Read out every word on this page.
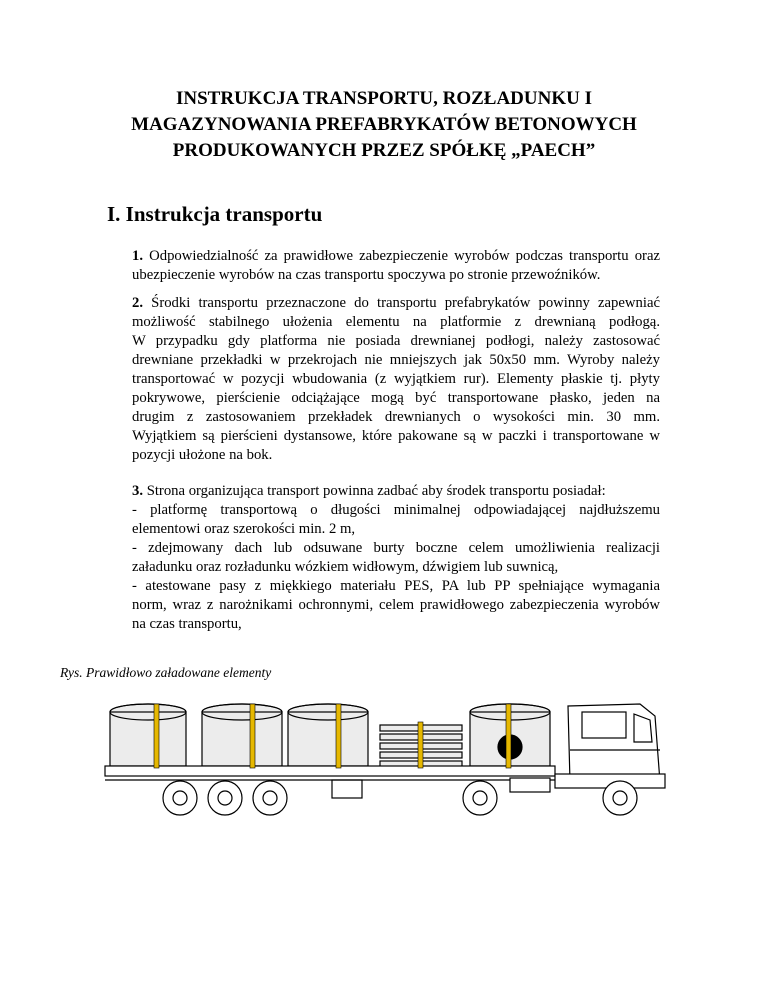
INSTRUKCJA TRANSPORTU, ROZŁADUNKU I
MAGAZYNOWANIA PREFABRYKATÓW BETONOWYCH
PRODUKOWANYCH PRZEZ SPÓŁKĘ „PAECH”
I. Instrukcja transportu
1. Odpowiedzialność za prawidłowe zabezpieczenie wyrobów podczas transportu oraz
ubezpieczenie wyrobów na czas transportu spoczywa po stronie przewoźników.
2. Środki transportu przeznaczone do transportu prefabrykatów powinny zapewniać
możliwość stabilnego ułożenia elementu na platformie z drewnianą podłogą.
W przypadku gdy platforma nie posiada drewnianej podłogi, należy zastosować
drewniane przekładki w przekrojach nie mniejszych jak 50x50 mm. Wyroby należy
transportować w pozycji wbudowania (z wyjątkiem rur). Elementy płaskie tj. płyty
pokrywowe, pierścienie odciążające mogą być transportowane płasko, jeden na
drugim z zastosowaniem przekładek drewnianych o wysokości min. 30 mm.
Wyjątkiem są pierścieni dystansowe, które pakowane są w paczki i transportowane w
pozycji ułożone na bok.
3. Strona organizująca transport powinna zadbać aby środek transportu posiadał:
- platformę transportową o długości minimalnej odpowiadającej najdłuższemu
elementowi oraz szerokości min. 2 m,
- zdejmowany dach lub odsuwane burty boczne celem umożliwienia realizacji
załadunku oraz rozładunku wózkiem widłowym, dźwigiem lub suwnicą,
- atestowane pasy z miękkiego materiału PES, PA lub PP spełniające wymagania
norm, wraz z narożnikami ochronnymi, celem prawidłowego zabezpieczenia wyrobów
na czas transportu,
Rys. Prawidłowo załadowane elementy
